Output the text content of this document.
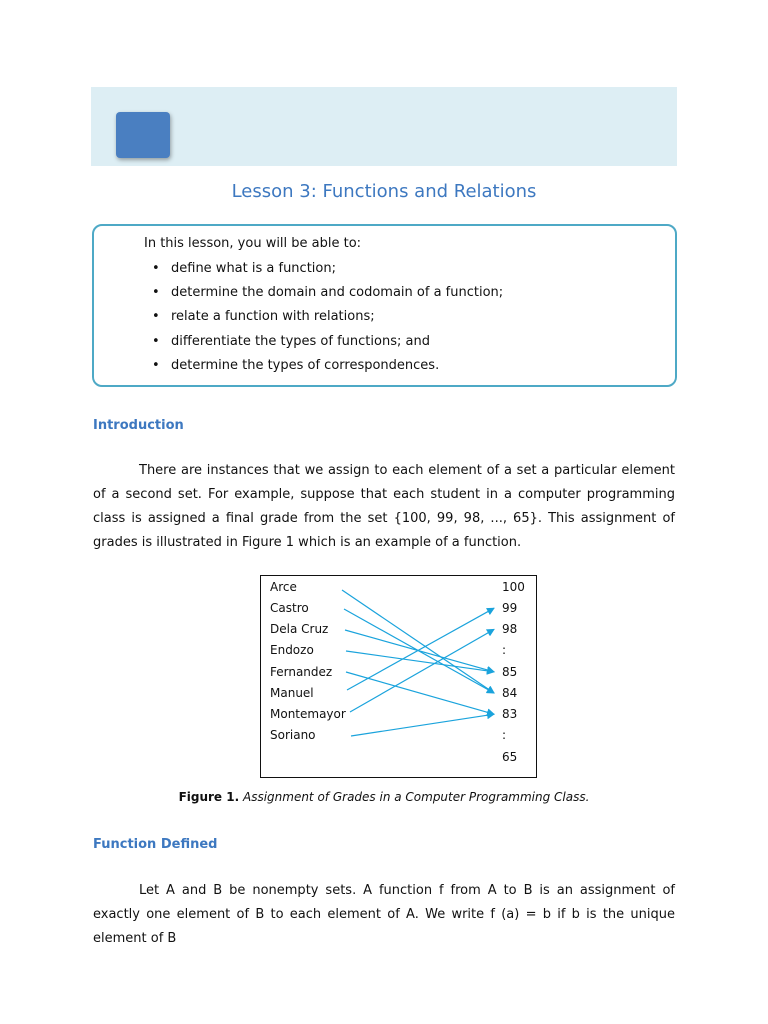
Lesson 3: Functions and Relations
In this lesson, you will be able to:
• define what is a function;
• determine the domain and codomain of a function;
• relate a function with relations;
• differentiate the types of functions; and
• determine the types of correspondences.
Introduction

There are instances that we assign to each element of a set a particular element of a second set. For example, suppose that each student in a computer programming class is assigned a final grade from the set {100, 99, 98, ..., 65}. This assignment of grades is illustrated in Figure 1 which is an example of a function.

Arce
Castro
Dela Cruz
Endozo
Fernandez
Manuel
Montemayor
Soriano
100
99
98
:
85
84
83
:
65
Figure 1. Assignment of Grades in a Computer Programming Class.
Function Defined

Let A and B be nonempty sets. A function f from A to B is an assignment of exactly one element of B to each element of A. We write f (a) = b if b is the unique element of B
